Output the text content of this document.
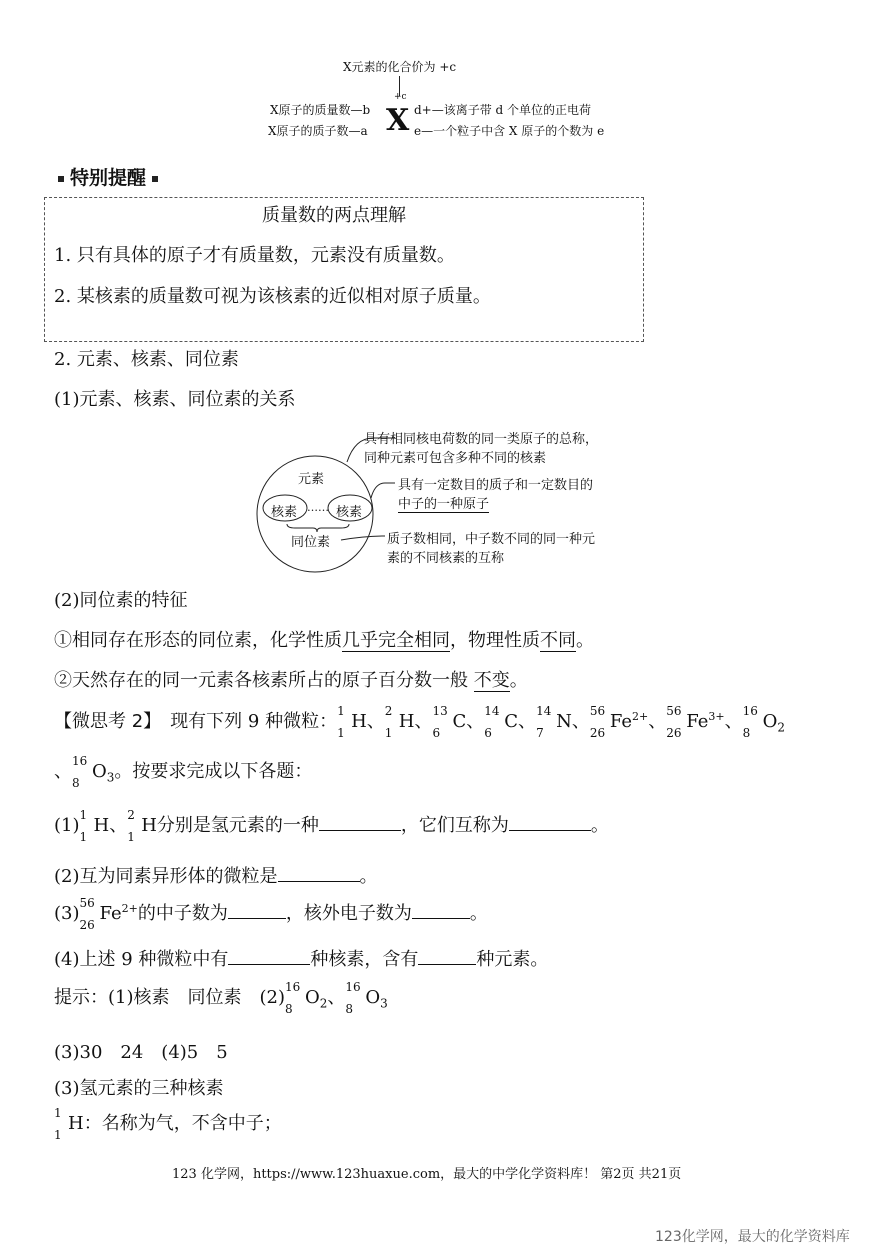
X元素的化合价为 +c
+c
X原子的质量数—b
X原子的质子数—a X d+—该离子带 d 个单位的正电荷
e—一个粒子中含 X 原子的个数为 e
特别提醒
质量数的两点理解
1. 只有具体的原子才有质量数，元素没有质量数。
2. 某核素的质量数可视为该核素的近似相对原子质量。
2. 元素、核素、同位素
(1)元素、核素、同位素的关系
元素
核素 …… 核素
同位素
具有相同核电荷数的同一类原子的总称，
同种元素可包含多种不同的核素
具有一定数目的质子和一定数目的
中子的一种原子
质子数相同，中子数不同的同一种元
素的不同核素的互称
(2)同位素的特征
①相同存在形态的同位素，化学性质几乎完全相同，物理性质不同。
②天然存在的同一元素各核素所占的原子百分数一般 不变。
【微思考 2】　 现有下列 9 种微粒： 1
1
H、 2
1
H、 13
6
C、 14
6
C、 14
7
N、 56
26
$Fe^{2+}$、 56
26
$Fe^{3+}$、 16
8
$O_2$
、 16
8
$O_3$。按要求完成以下各题：
(1) 1
1
H、 2
1
H分别是氢元素的一种	，它们互称为	。
(2)互为同素异形体的微粒是	。
(3) 56
26
$Fe^{2+}$的中子数为	，核外电子数为	。
(4)上述 9 种微粒中有	种核素，含有	种元素。
提示：(1)核素　同位素　(2) 16
8
$O_2$、 16
8
$O_3$
(3)30　24　(4)5　5
(3)氢元素的三种核素
1
1
H：名称为气，不含中子；
123 化学网，https://www.123huaxue.com，最大的中学化学资料库！ 第2页 共21页
123化学网，最大的化学资料库
